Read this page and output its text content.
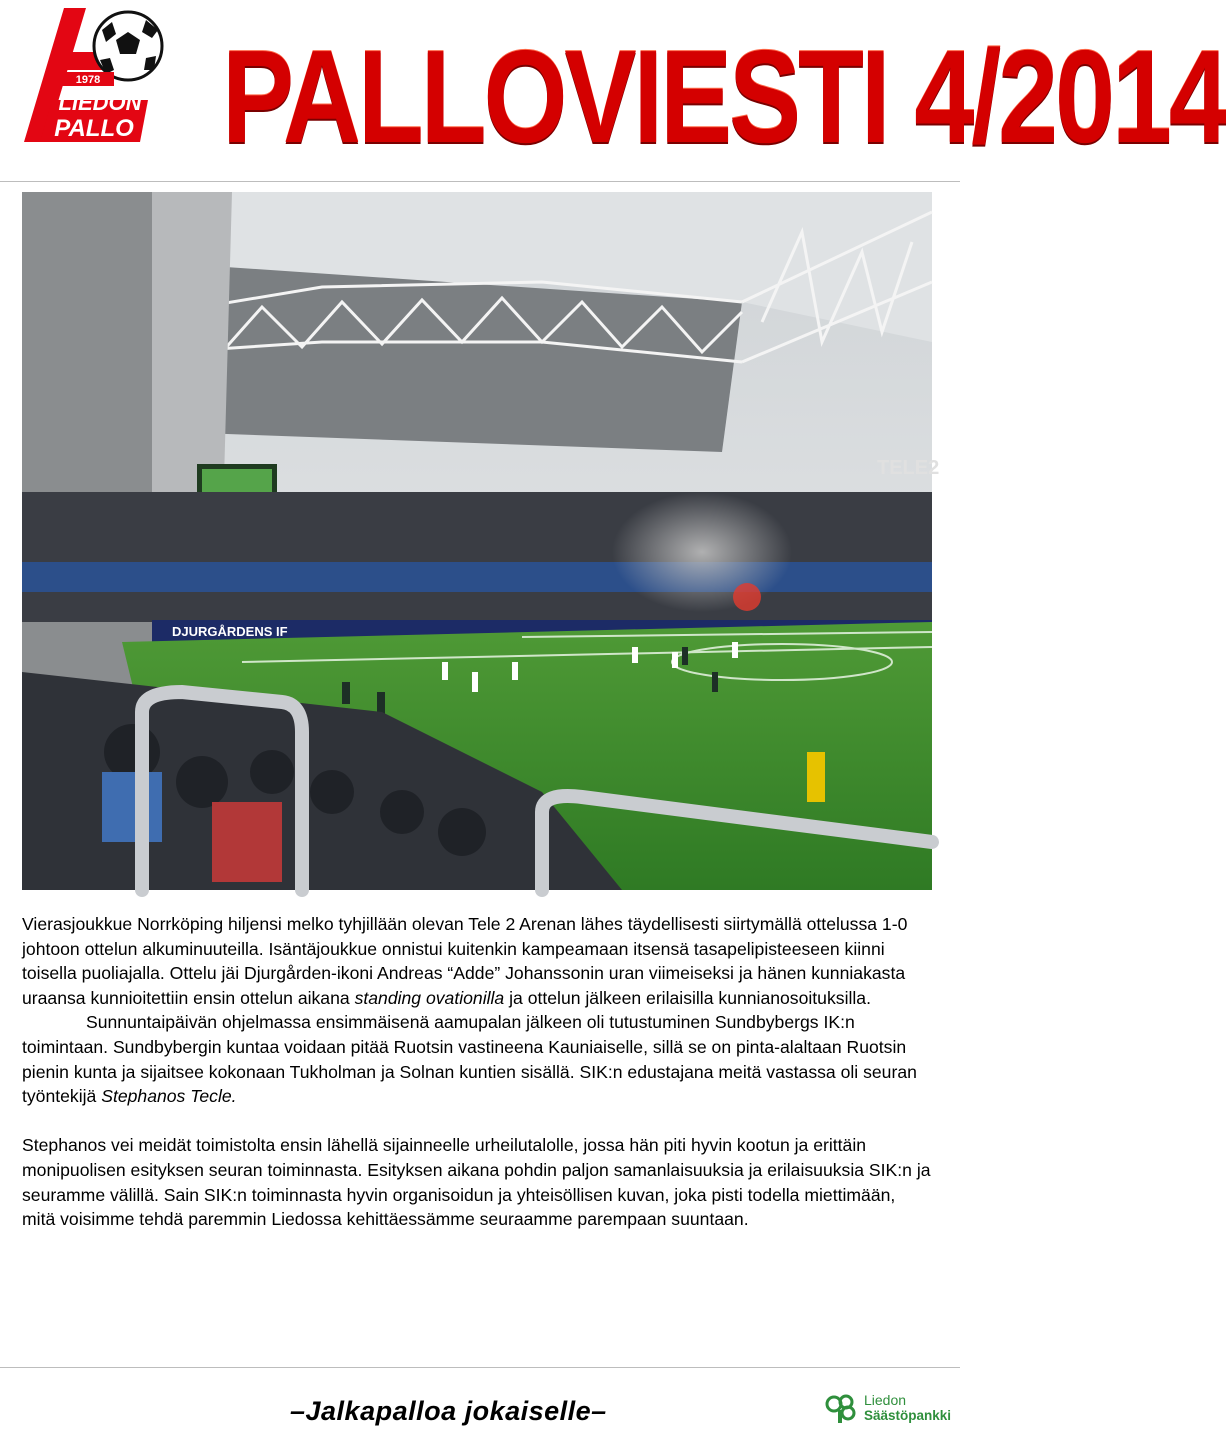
1978
LIEDON
PALLO PALLOVIESTI 4/2014
TELE2
DJURGÅRDENS IF

Vierasjoukkue Norrköping hiljensi melko tyhjillään olevan Tele 2 Arenan lähes täydellisesti siirtymällä ottelussa 1-0 johtoon ottelun alkuminuuteilla. Isäntäjoukkue onnistui kuitenkin kampeamaan itsensä tasapelipisteeseen kiinni toisella puoliajalla. Ottelu jäi Djurgården-ikoni Andreas “Adde” Johanssonin uran viimeiseksi ja hänen kunniakasta uraansa kunnioitettiin ensin ottelun aikana standing ovationilla ja ottelun jälkeen erilaisilla kunnianosoituksilla.

Sunnuntaipäivän ohjelmassa ensimmäisenä aamupalan jälkeen oli tutustuminen Sundbybergs IK:n toimintaan. Sundbybergin kuntaa voidaan pitää Ruotsin vastineena Kauniaiselle, sillä se on pinta-alaltaan Ruotsin pienin kunta ja sijaitsee kokonaan Tukholman ja Solnan kuntien sisällä. SIK:n edustajana meitä vastassa oli seuran työntekijä Stephanos Tecle.

Stephanos vei meidät toimistolta ensin lähellä sijainneelle urheilutalolle, jossa hän piti hyvin kootun ja erittäin monipuolisen esityksen seuran toiminnasta. Esityksen aikana pohdin paljon samanlaisuuksia ja erilaisuuksia SIK:n ja seuramme välillä. Sain SIK:n toiminnasta hyvin organisoidun ja yhteisöllisen kuvan, joka pisti todella miettimään, mitä voisimme tehdä paremmin Liedossa kehittäessämme seuraamme parempaan suuntaan.

–Jalkapalloa jokaiselle–	Liedon
Säästöpankki
